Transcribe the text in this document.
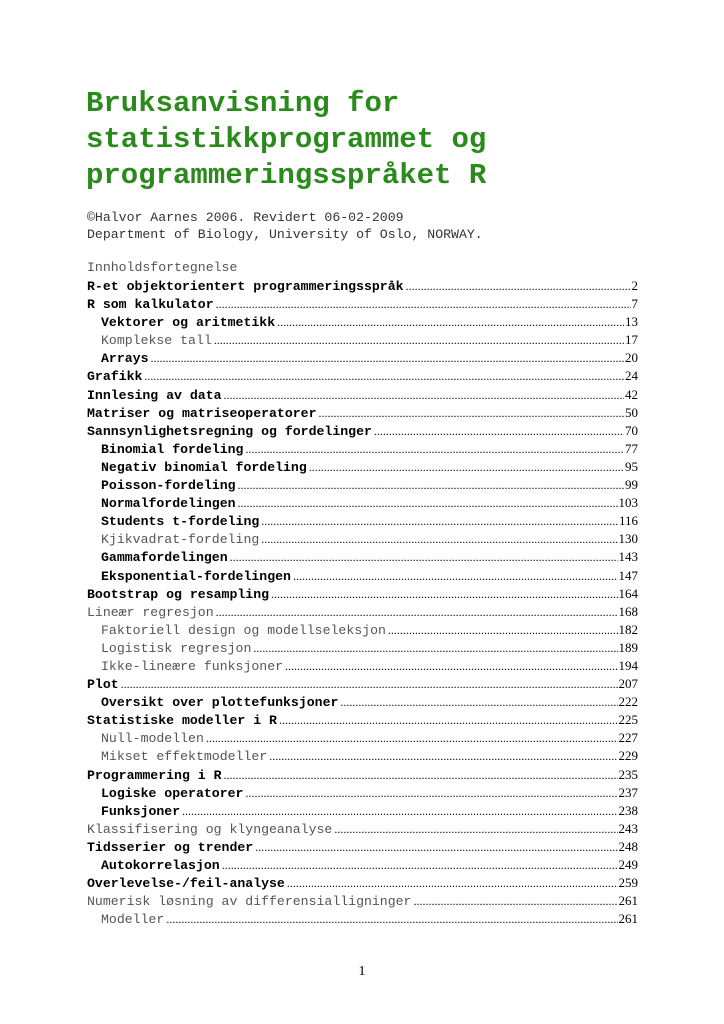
Bruksanvisning for
statistikkprogrammet og
programmeringsspråket R
©Halvor Aarnes 2006. Revidert 06-02-2009
Department of Biology, University of Oslo, NORWAY.
Innholdsfortegnelse
R-et objektorientert programmeringsspråk .....	2
R som kalkulator .....	7
Vektorer og aritmetikk .....	13
Komplekse tall .....	17
Arrays .....	20
Grafikk .....	24
Innlesing av data .....	42
Matriser og matriseoperatorer .....	50
Sannsynlighetsregning og fordelinger .....	70
Binomial fordeling .....	77
Negativ binomial fordeling .....	95
Poisson-fordeling .....	99
Normalfordelingen .....	103
Students t-fordeling .....	116
Kjikvadrat-fordeling .....	130
Gammafordelingen .....	143
Eksponential-fordelingen .....	147
Bootstrap og resampling .....	164
Lineær regresjon .....	168
Faktoriell design og modellseleksjon .....	182
Logistisk regresjon .....	189
Ikke-lineære funksjoner .....	194
Plot .....	207
Oversikt over plottefunksjoner .....	222
Statistiske modeller i R .....	225
Null-modellen .....	227
Mikset effektmodeller .....	229
Programmering i R .....	235
Logiske operatorer .....	237
Funksjoner .....	238
Klassifisering og klyngeanalyse .....	243
Tidsserier og trender .....	248
Autokorrelasjon .....	249
Overlevelse-/feil-analyse .....	259
Numerisk løsning av differensialligninger .....	261
Modeller .....	261
1
